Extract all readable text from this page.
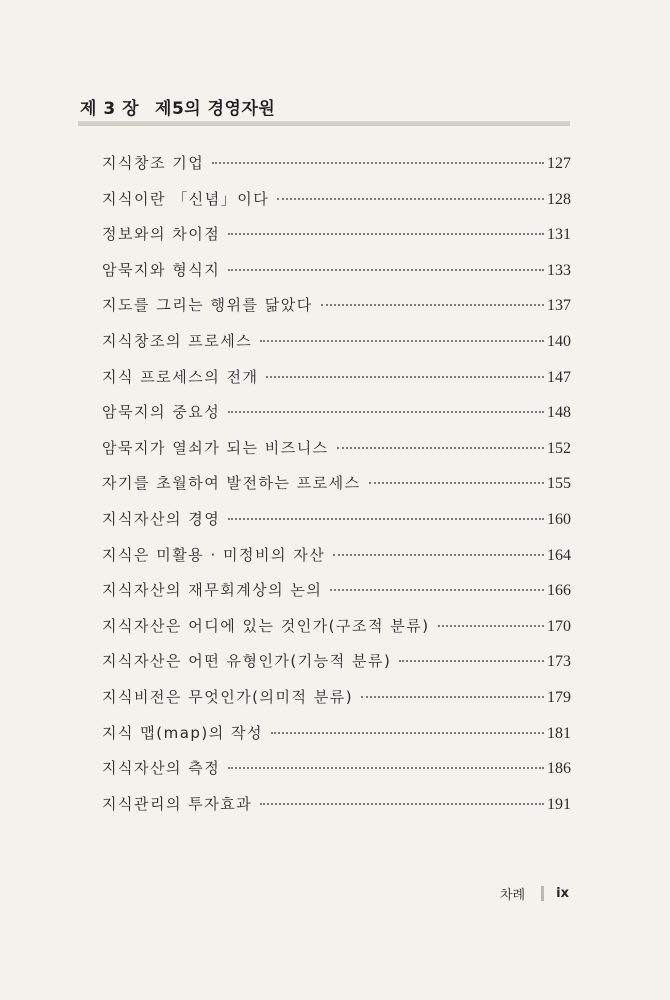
제 3 장 제5의 경영자원
지식창조 기업	127
지식이란 「신념」이다	128
정보와의 차이점	131
암묵지와 형식지	133
지도를 그리는 행위를 닮았다	137
지식창조의 프로세스	140
지식 프로세스의 전개	147
암묵지의 중요성	148
암묵지가 열쇠가 되는 비즈니스	152
자기를 초월하여 발전하는 프로세스	155
지식자산의 경영	160
지식은 미활용 · 미정비의 자산	164
지식자산의 재무회계상의 논의	166
지식자산은 어디에 있는 것인가(구조적 분류)	170
지식자산은 어떤 유형인가(기능적 분류)	173
지식비전은 무엇인가(의미적 분류)	179
지식 맵(map)의 작성	181
지식자산의 측정	186
지식관리의 투자효과	191
차례 ix
